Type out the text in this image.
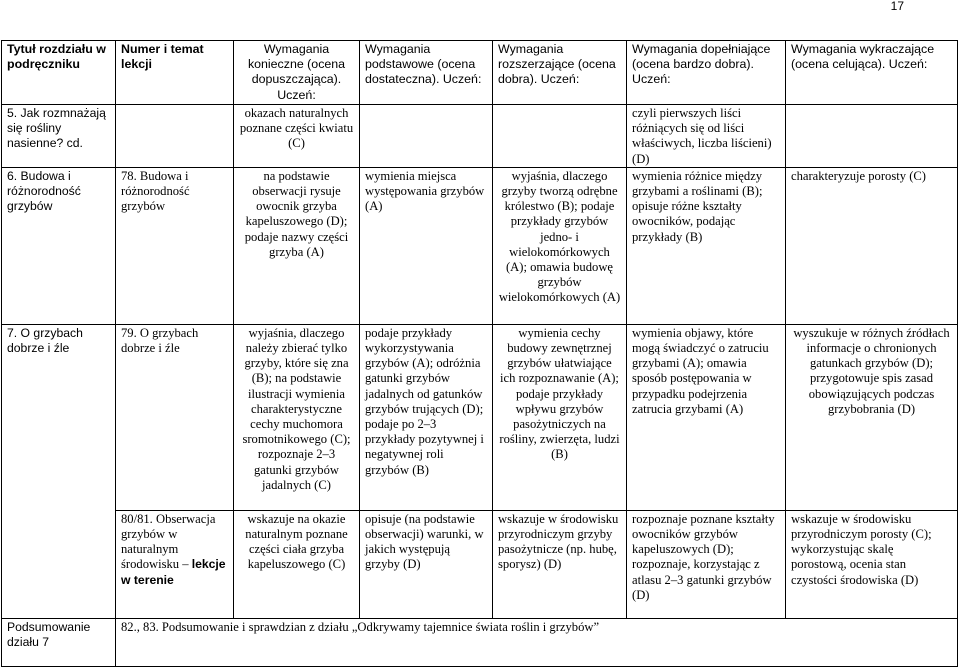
17
Tytuł rozdziału w podręczniku	Numer i temat lekcji	Wymagania konieczne (ocena dopuszczająca). Uczeń:	Wymagania podstawowe (ocena dostateczna). Uczeń:	Wymagania rozszerzające (ocena dobra). Uczeń:	Wymagania dopełniające (ocena bardzo dobra). Uczeń:	Wymagania wykraczające (ocena celująca). Uczeń:
5. Jak rozmnażają się rośliny nasienne? cd.		okazach naturalnych poznane części kwiatu (C)			czyli pierwszych liści różniących się od liści właściwych, liczba liścieni) (D)	
6. Budowa i różnorodność grzybów	78. Budowa i różnorodność grzybów	na podstawie obserwacji rysuje owocnik grzyba kapeluszowego (D); podaje nazwy części grzyba (A)	wymienia miejsca występowania grzybów (A)	wyjaśnia, dlaczego grzyby tworzą odrębne królestwo (B); podaje przykłady grzybów jedno- i wielokomórkowych (A); omawia budowę grzybów wielokomórkowych (A)	wymienia różnice między grzybami a roślinami (B); opisuje różne kształty owocników, podając przykłady (B)	charakteryzuje porosty (C)
7. O grzybach dobrze i źle	79. O grzybach dobrze i źle	wyjaśnia, dlaczego należy zbierać tylko grzyby, które się zna (B); na podstawie ilustracji wymienia charakterystyczne cechy muchomora sromotnikowego (C); rozpoznaje 2–3 gatunki grzybów jadalnych (C)	podaje przykłady wykorzystywania grzybów (A); odróżnia gatunki grzybów jadalnych od gatunków grzybów trujących (D); podaje po 2–3 przykłady pozytywnej i negatywnej roli grzybów (B)	wymienia cechy budowy zewnętrznej grzybów ułatwiające ich rozpoznawanie (A); podaje przykłady wpływu grzybów pasożytniczych na rośliny, zwierzęta, ludzi (B)	wymienia objawy, które mogą świadczyć o zatruciu grzybami (A); omawia sposób postępowania w przypadku podejrzenia zatrucia grzybami (A)	wyszukuje w różnych źródłach informacje o chronionych gatunkach grzybów (D); przygotowuje spis zasad obowiązujących podczas grzybobrania (D)
	80/81. Obserwacja grzybów w naturalnym środowisku – lekcje w terenie	wskazuje na okazie naturalnym poznane części ciała grzyba kapeluszowego (C)	opisuje (na podstawie obserwacji) warunki, w jakich występują grzyby (D)	wskazuje w środowisku przyrodniczym grzyby pasożytnicze (np. hubę, sporysz) (D)	rozpoznaje poznane kształty owocników grzybów kapeluszowych (D); rozpoznaje, korzystając z atlasu 2–3 gatunki grzybów (D)	wskazuje w środowisku przyrodniczym porosty (C); wykorzystując skalę porostową, ocenia stan czystości środowiska (D)
Podsumowanie działu 7	82., 83. Podsumowanie i sprawdzian z działu „Odkrywamy tajemnice świata roślin i grzybów”					
